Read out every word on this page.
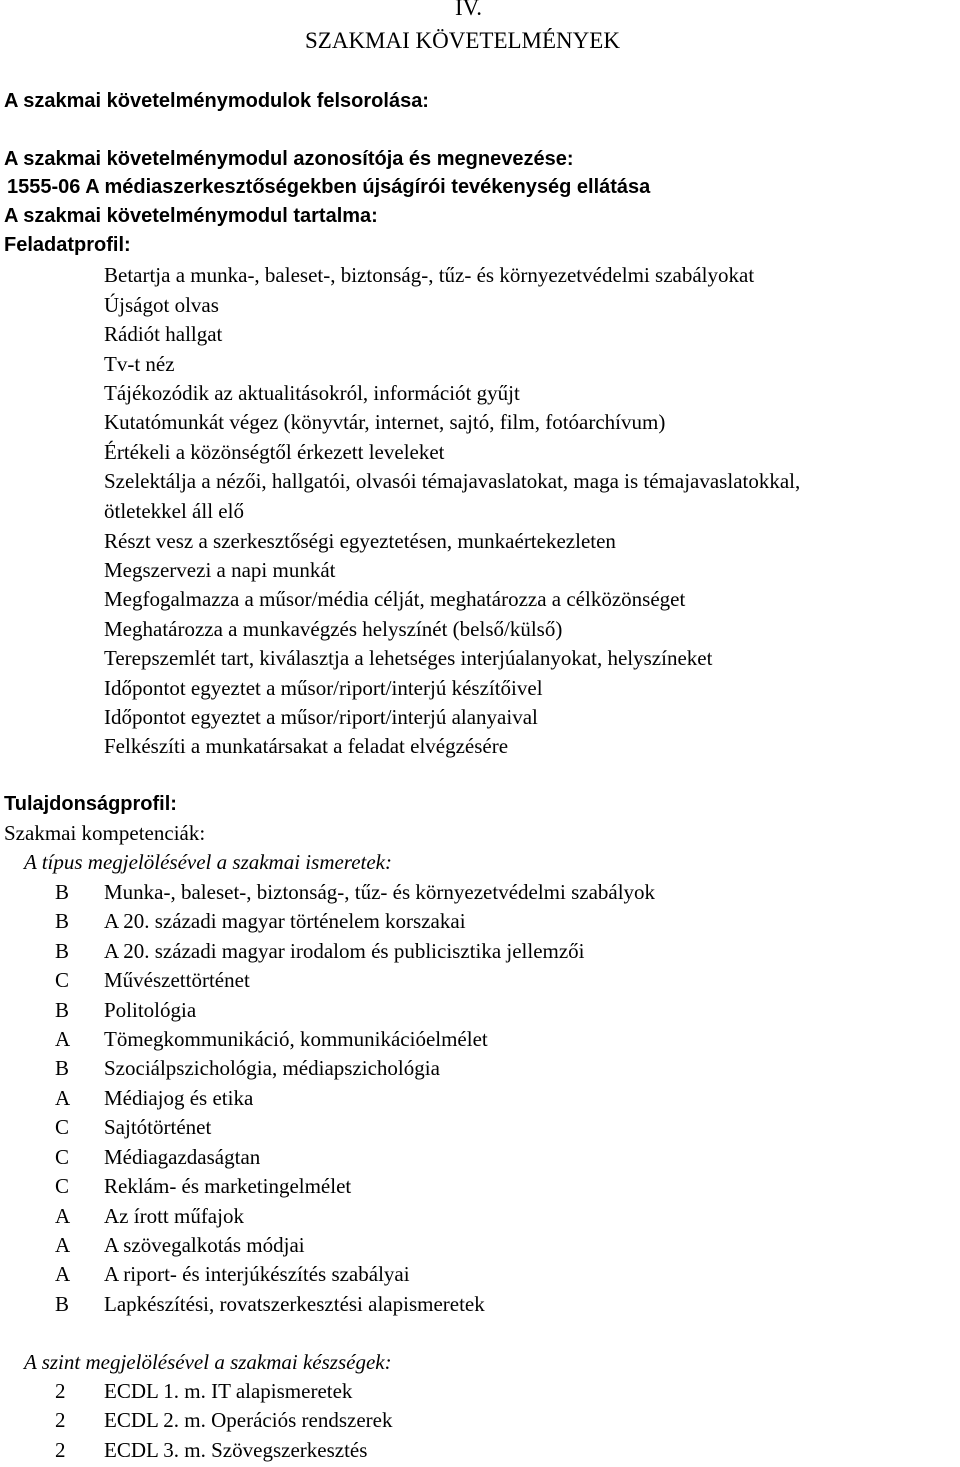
IV.
SZAKMAI KÖVETELMÉNYEK
A szakmai követelménymodulok felsorolása:
A szakmai követelménymodul azonosítója és megnevezése:
1555-06 A médiaszerkesztőségekben újságírói tevékenység ellátása
A szakmai követelménymodul tartalma:
Feladatprofil:
Betartja a munka-, baleset-, biztonság-, tűz- és környezetvédelmi szabályokat
Újságot olvas
Rádiót hallgat
Tv-t néz
Tájékozódik az aktualitásokról, információt gyűjt
Kutatómunkát végez (könyvtár, internet, sajtó, film, fotóarchívum)
Értékeli a közönségtől érkezett leveleket
Szelektálja a nézői, hallgatói, olvasói témajavaslatokat, maga is témajavaslatokkal,
ötletekkel áll elő
Részt vesz a szerkesztőségi egyeztetésen, munkaértekezleten
Megszervezi a napi munkát
Megfogalmazza a műsor/média célját, meghatározza a célközönséget
Meghatározza a munkavégzés helyszínét (belső/külső)
Terepszemlét tart, kiválasztja a lehetséges interjúalanyokat, helyszíneket
Időpontot egyeztet a műsor/riport/interjú készítőivel
Időpontot egyeztet a műsor/riport/interjú alanyaival
Felkészíti a munkatársakat a feladat elvégzésére
Tulajdonságprofil:
Szakmai kompetenciák:
A típus megjelölésével a szakmai ismeretek:
B Munka-, baleset-, biztonság-, tűz- és környezetvédelmi szabályok
B A 20. századi magyar történelem korszakai
B A 20. századi magyar irodalom és publicisztika jellemzői
C Művészettörténet
B Politológia
A Tömegkommunikáció, kommunikációelmélet
B Szociálpszichológia, médiapszichológia
A Médiajog és etika
C Sajtótörténet
C Médiagazdaságtan
C Reklám- és marketingelmélet
A Az írott műfajok
A A szövegalkotás módjai
A A riport- és interjúkészítés szabályai
B Lapkészítési, rovatszerkesztési alapismeretek
A szint megjelölésével a szakmai készségek:
2 ECDL 1. m. IT alapismeretek
2 ECDL 2. m. Operációs rendszerek
2 ECDL 3. m. Szövegszerkesztés
